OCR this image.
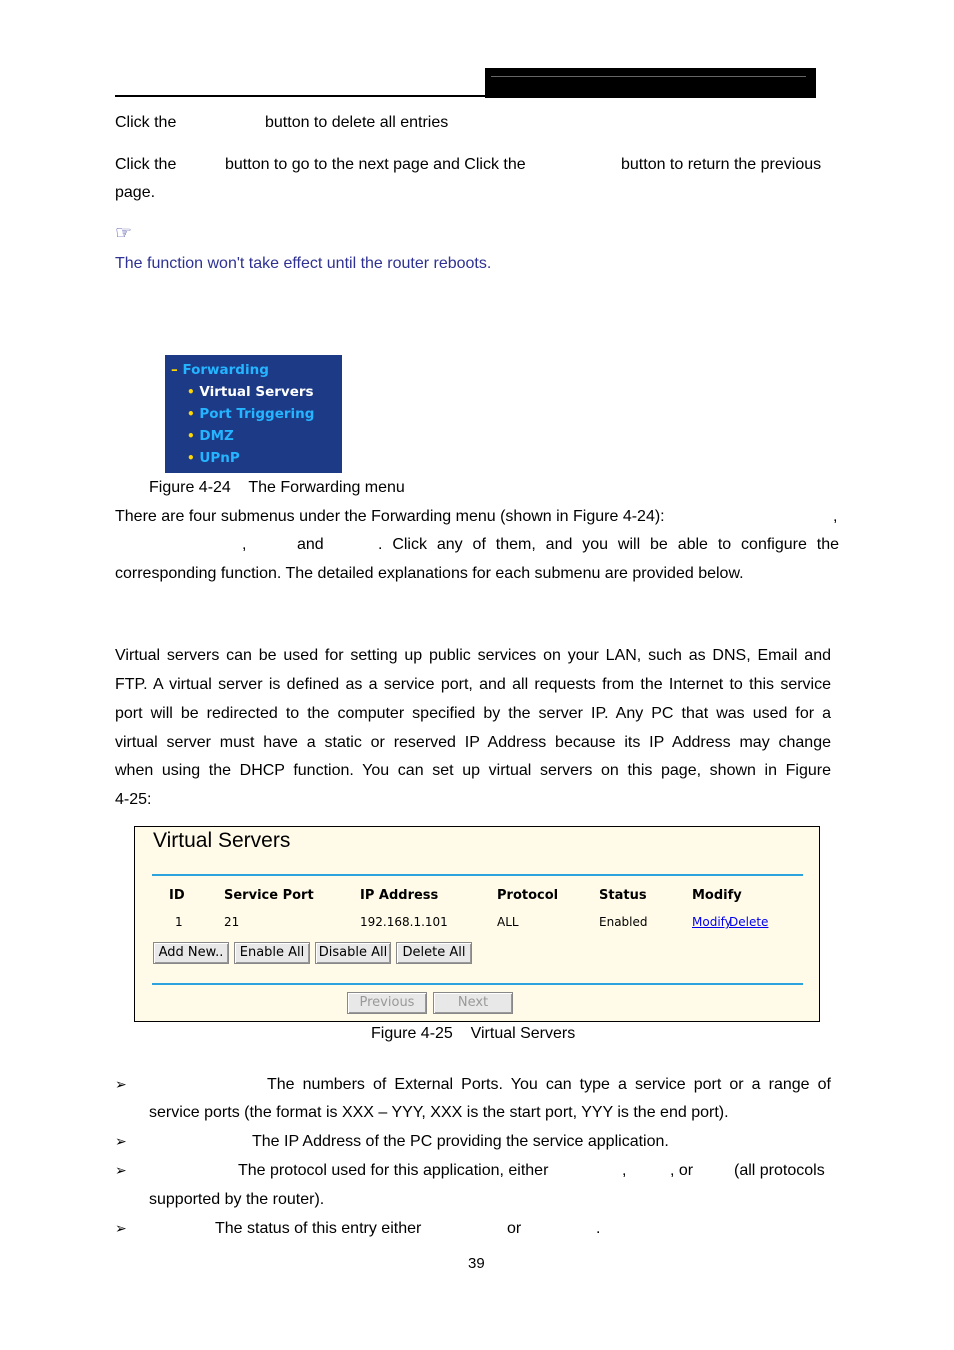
Click the	button to delete all entries
Click the	button to go to the next page and Click the	button to return the previous
page.
☞
The function won't take effect until the router reboots.
– Forwarding
• Virtual Servers
• Port Triggering
• DMZ
• UPnP
Figure 4-24    The Forwarding menu
There are four submenus under the Forwarding menu (shown in Figure 4-24):	,
,	and	. Click any of them, and you will be able to configure the
corresponding function. The detailed explanations for each submenu are provided below.
Virtual servers can be used for setting up public services on your LAN, such as DNS, Email and
FTP. A virtual server is defined as a service port, and all requests from the Internet to this service
port will be redirected to the computer specified by the server IP. Any PC that was used for a
virtual server must have a static or reserved IP Address because its IP Address may change
when using the DHCP function. You can set up virtual servers on this page, shown in Figure
4-25:
Virtual Servers
ID	Service Port	IP Address	Protocol	Status	Modify
1	21	192.168.1.101	ALL	Enabled	Modify
Delete
Add New..	Enable All	Disable All	Delete All
Previous	Next
Figure 4-25    Virtual Servers
➢	The numbers of External Ports. You can type a service port or a range of
service ports (the format is XXX – YYY, XXX is the start port, YYY is the end port).
➢	The IP Address of the PC providing the service application.
➢	The protocol used for this application, either	,	, or	(all protocols
supported by the router).
➢	The status of this entry either	or	.
39
